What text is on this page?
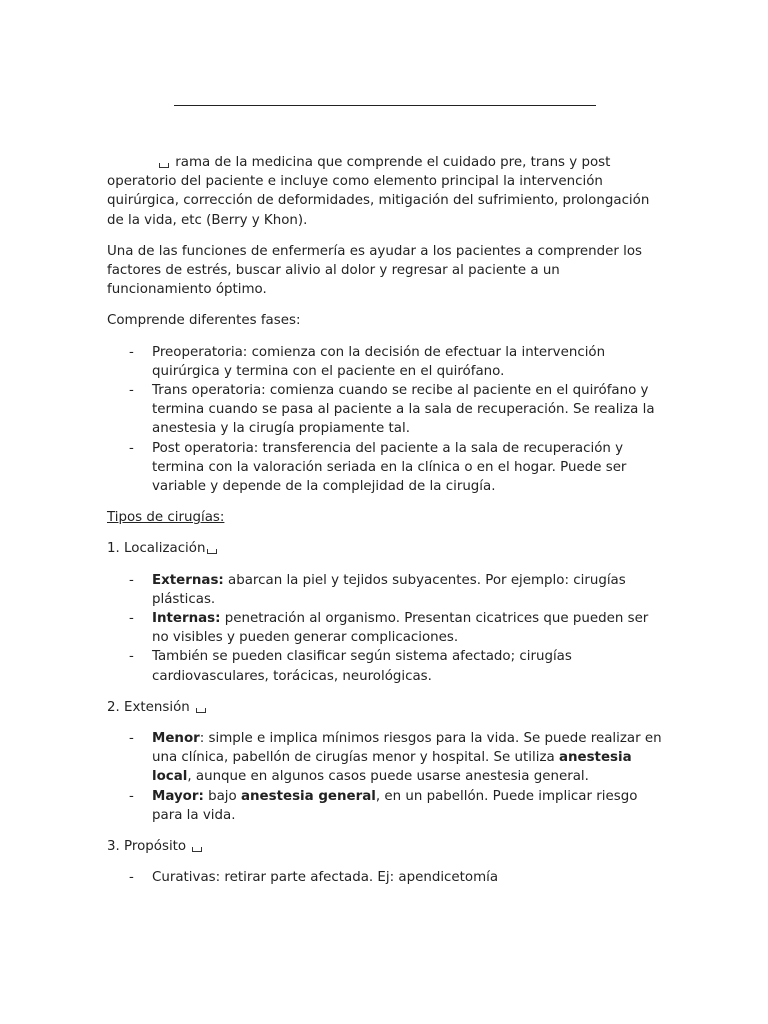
rama de la medicina que comprende el cuidado pre, trans y post operatorio del paciente e incluye como elemento principal la intervención quirúrgica, corrección de deformidades, mitigación del sufrimiento, prolongación de la vida, etc (Berry y Khon).

Una de las funciones de enfermería es ayudar a los pacientes a comprender los factores de estrés, buscar alivio al dolor y regresar al paciente a un funcionamiento óptimo.

Comprende diferentes fases:

- Preoperatoria: comienza con la decisión de efectuar la intervención quirúrgica y termina con el paciente en el quirófano.
- Trans operatoria: comienza cuando se recibe al paciente en el quirófano y termina cuando se pasa al paciente a la sala de recuperación. Se realiza la anestesia y la cirugía propiamente tal.
- Post operatoria: transferencia del paciente a la sala de recuperación y termina con la valoración seriada en la clínica o en el hogar. Puede ser variable y depende de la complejidad de la cirugía.

Tipos de cirugías:

1. Localización

- Externas: abarcan la piel y tejidos subyacentes. Por ejemplo: cirugías plásticas.
- Internas: penetración al organismo. Presentan cicatrices que pueden ser no visibles y pueden generar complicaciones.
- También se pueden clasificar según sistema afectado; cirugías cardiovasculares, torácicas, neurológicas.

2. Extensión

- Menor: simple e implica mínimos riesgos para la vida. Se puede realizar en una clínica, pabellón de cirugías menor y hospital. Se utiliza anestesia local, aunque en algunos casos puede usarse anestesia general.
- Mayor: bajo anestesia general, en un pabellón. Puede implicar riesgo para la vida.

3. Propósito

- Curativas: retirar parte afectada. Ej: apendicetomía
